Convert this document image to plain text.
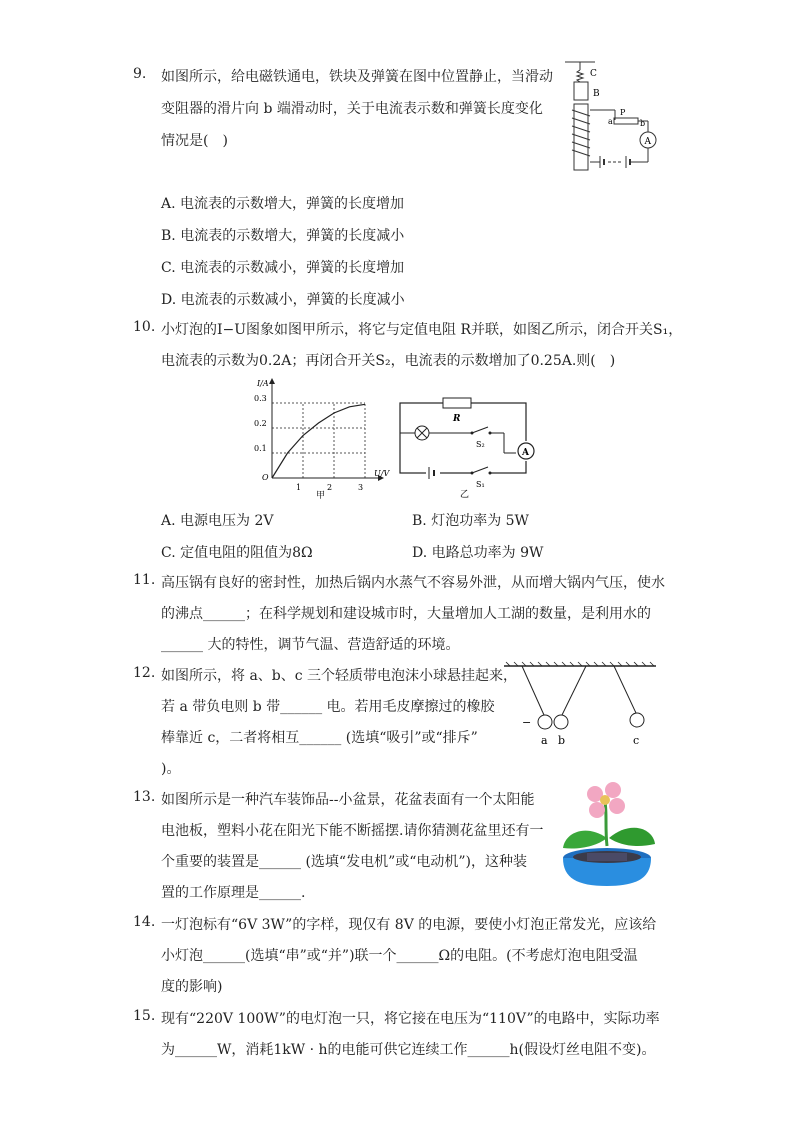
9. 如图所示，给电磁铁通电，铁块及弹簧在图中位置静止，当滑动
变阻器的滑片向 b 端滑动时，关于电流表示数和弹簧长度变化
情况是(　)
A. 电流表的示数增大，弹簧的长度增加
B. 电流表的示数增大，弹簧的长度减小
C. 电流表的示数减小，弹簧的长度增加
D. 电流表的示数减小，弹簧的长度减小
C
B
P
a	b
A
10. 小灯泡的I−U图象如图甲所示，将它与定值电阻 R并联，如图乙所示，闭合开关S₁，
电流表的示数为0.2A；再闭合开关S₂，电流表的示数增加了0.25A.则(　)
I/A
U/V
O
0.3
0.2
0.1
1	2	3
甲
R
S₂
A
S₁
乙
A. 电源电压为 2V	B. 灯泡功率为 5W
C. 定值电阻的阻值为8Ω	D. 电路总功率为 9W
11. 高压锅有良好的密封性，加热后锅内水蒸气不容易外泄，从而增大锅内气压，使水
的沸点______；在科学规划和建设城市时，大量增加人工湖的数量，是利用水的
______ 大的特性，调节气温、营造舒适的环境。
12. 如图所示，将 a、b、c 三个轻质带电泡沫小球悬挂起来，
若 a 带负电则 b 带______ 电。若用毛皮摩擦过的橡胶
棒靠近 c，二者将相互______ (选填“吸引”或“排斥”
)。
−
a b	c
13. 如图所示是一种汽车装饰品--小盆景，花盆表面有一个太阳能
电池板，塑料小花在阳光下能不断摇摆.请你猜测花盆里还有一
个重要的装置是______ (选填“发电机”或“电动机”)，这种装
置的工作原理是______.
14. 一灯泡标有“6V 3W”的字样，现仅有 8V 的电源，要使小灯泡正常发光，应该给
小灯泡______(选填“串”或“并”)联一个______Ω的电阻。(不考虑灯泡电阻受温
度的影响)
15. 现有“220V 100W”的电灯泡一只，将它接在电压为“110V”的电路中，实际功率
为______W，消耗1kW · h的电能可供它连续工作______h(假设灯丝电阻不变)。
